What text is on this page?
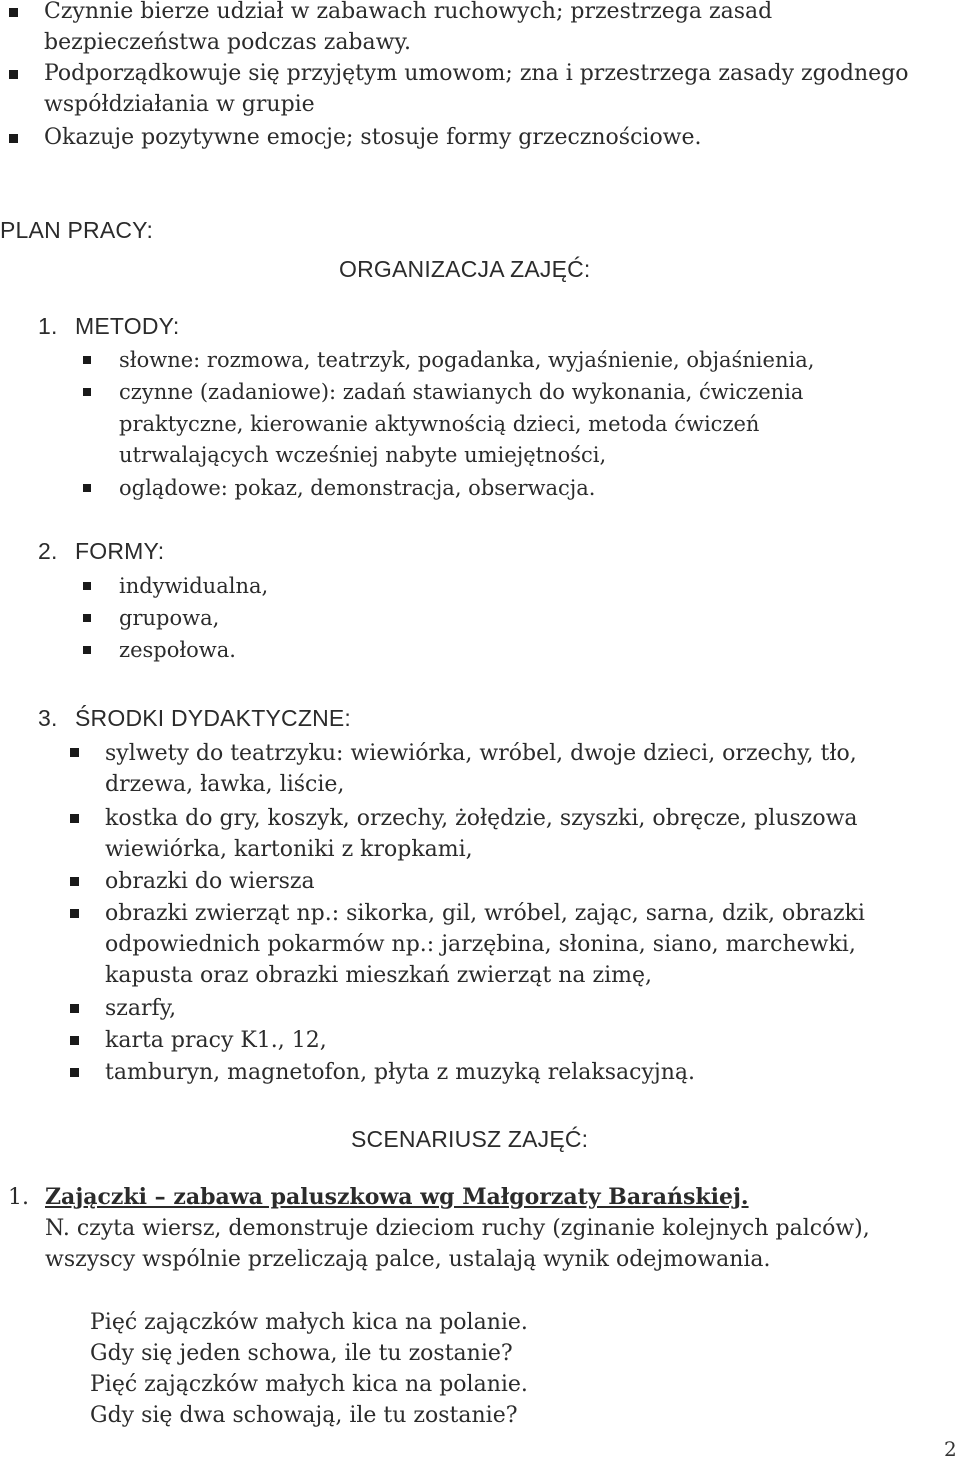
Czynnie bierze udział w zabawach ruchowych; przestrzega zasad
bezpieczeństwa podczas zabawy.
Podporządkowuje się przyjętym umowom; zna i przestrzega zasady zgodnego
współdziałania w grupie
Okazuje pozytywne emocje; stosuje formy grzecznościowe.
PLAN PRACY:
ORGANIZACJA ZAJĘĆ:
1. METODY:
słowne: rozmowa, teatrzyk, pogadanka, wyjaśnienie, objaśnienia,
czynne (zadaniowe): zadań stawianych do wykonania, ćwiczenia
praktyczne, kierowanie aktywnością dzieci, metoda ćwiczeń
utrwalających wcześniej nabyte umiejętności,
oglądowe: pokaz, demonstracja, obserwacja.
2. FORMY:
indywidualna,
grupowa,
zespołowa.
3. ŚRODKI DYDAKTYCZNE:
sylwety do teatrzyku: wiewiórka, wróbel, dwoje dzieci, orzechy, tło,
drzewa, ławka, liście,
kostka do gry, koszyk, orzechy, żołędzie, szyszki, obręcze, pluszowa
wiewiórka, kartoniki z kropkami,
obrazki do wiersza
obrazki zwierząt np.: sikorka, gil, wróbel, zając, sarna, dzik, obrazki
odpowiednich pokarmów np.: jarzębina, słonina, siano, marchewki,
kapusta oraz obrazki mieszkań zwierząt na zimę,
szarfy,
karta pracy K1., 12,
tamburyn, magnetofon, płyta z muzyką relaksacyjną.
SCENARIUSZ ZAJĘĆ:
1. Zajączki – zabawa paluszkowa wg Małgorzaty Barańskiej.
N. czyta wiersz, demonstruje dzieciom ruchy (zginanie kolejnych palców),
wszyscy wspólnie przeliczają palce, ustalają wynik odejmowania.
Pięć zajączków małych kica na polanie.
Gdy się jeden schowa, ile tu zostanie?
Pięć zajączków małych kica na polanie.
Gdy się dwa schowają, ile tu zostanie?
2
